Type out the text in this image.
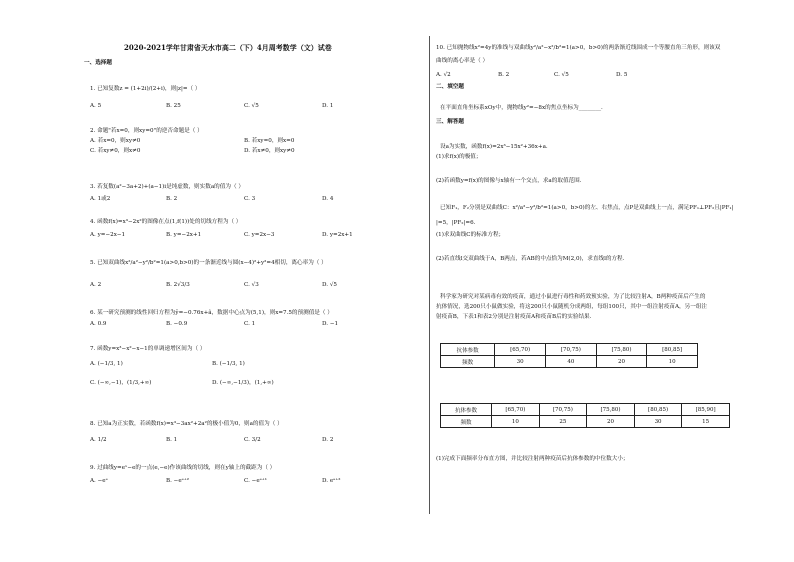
2020-2021学年甘肃省天水市高二（下）4月周考数学（文）试卷
一、选择题
1. 已知复数z = (1+2i)/(2+i)，则|z|=（ ）
A. 5	B. 25	C. √5	D. 1
2. 命题"若x=0，则xy=0"的逆否命题是（ ）
A. 若x=0，则xy≠0	B. 若xy=0，则x=0
C. 若xy≠0，则x≠0	D. 若x≠0，则xy≠0
3. 若复数(a²−3a+2)+(a−1)i是纯虚数，则实数a的值为（ ）
A. 1或2	B. 2	C. 3	D. 4
4. 函数f(x)=x³−2x²的图像在点(1,f(1))处的切线方程为（ ）
A. y=−2x−1	B. y=−2x+1	C. y=2x−3	D. y=2x+1
5. 已知双曲线x²/a²−y²/b²=1(a>0,b>0)的一条渐近线与圆(x−4)²+y²=4相切，离心率为（ ）
A. 2	B. 2√3/3	C. √3	D. √5
6. 某一研究预测的线性回归方程为ŷ=−0.76x+â，数据中心点为(5,1)，则x=7.5的预测值是（ ）
A. 0.9	B. −0.9	C. 1	D. −1
7. 函数y=x³−x²−x−1的单调递增区间为（ ）
A. (−1/3, 1)	B. (−1/3, 1)
C. (−∞,−1)，(1/3,+∞)	D. (−∞,−1/3)，(1,+∞)
8. 已知a为正实数，若函数f(x)=x³−3ax²+2a²的极小值为0，则a的值为（ ）
A. 1/2	B. 1	C. 3/2	D. 2
9. 过曲线y=eˣ−e的一点(e,−e)作该曲线的切线，则在y轴上的截距为（ ）
A. −eᵉ	B. −eᵉ⁺²	C. −eᵉ⁺¹	D. eᵉ⁺²
10. 已知抛物线x²=4y的准线与双曲线y²/a²−x²/b²=1(a>0，b>0)的两条渐近线围成一个等腰直角三角形，则该双
曲线的离心率是（ ）
A. √2	B. 2	C. √5	D. 5
二、填空题
在平面直角坐标系xOy中，抛物线y²=−8x的焦点坐标为________.
三、解答题
设a为实数，函数f(x)=2x³−15x²+36x+a.
(1)求f(x)的极值；
(2)若函数y=f(x)的图像与x轴有一个交点，求a的取值范围.
已知F₁，F₂分别是双曲线C：x²/a²−y²/b²=1(a>0，b>0)的左、右焦点，点P是双曲线上一点，满足PF₁⊥PF₂且|PF₁|
|=5，|PF₂|=6.
(1)求双曲线C的标准方程；
(2)若直线l交双曲线于A，B两点，若AB的中点恰为M(2,0)，求直线l的方程.
科学家为研究对某病毒有效的疫苗，通过小鼠进行毒性和药效预实验，为了比较注射A，B两种疫苗后产生的
抗体情况，选200只小鼠做实验，将这200只小鼠随机分成两组，每组100只，其中一组注射疫苗A，另一组注
射疫苗B，下表1和表2分别是注射疫苗A和疫苗B后的实验结果.
抗体参数	[65,70)	[70,75)	[75,80)	[80,85]
频数	30	40	20	10
抗体参数	[65,70)	[70,75)	[75,80)	[80,85)	[85,90]
频数	10	25	20	30	15
(1)完成下面频率分布直方图，并比较注射两种疫苗后抗体参数的中位数大小；
